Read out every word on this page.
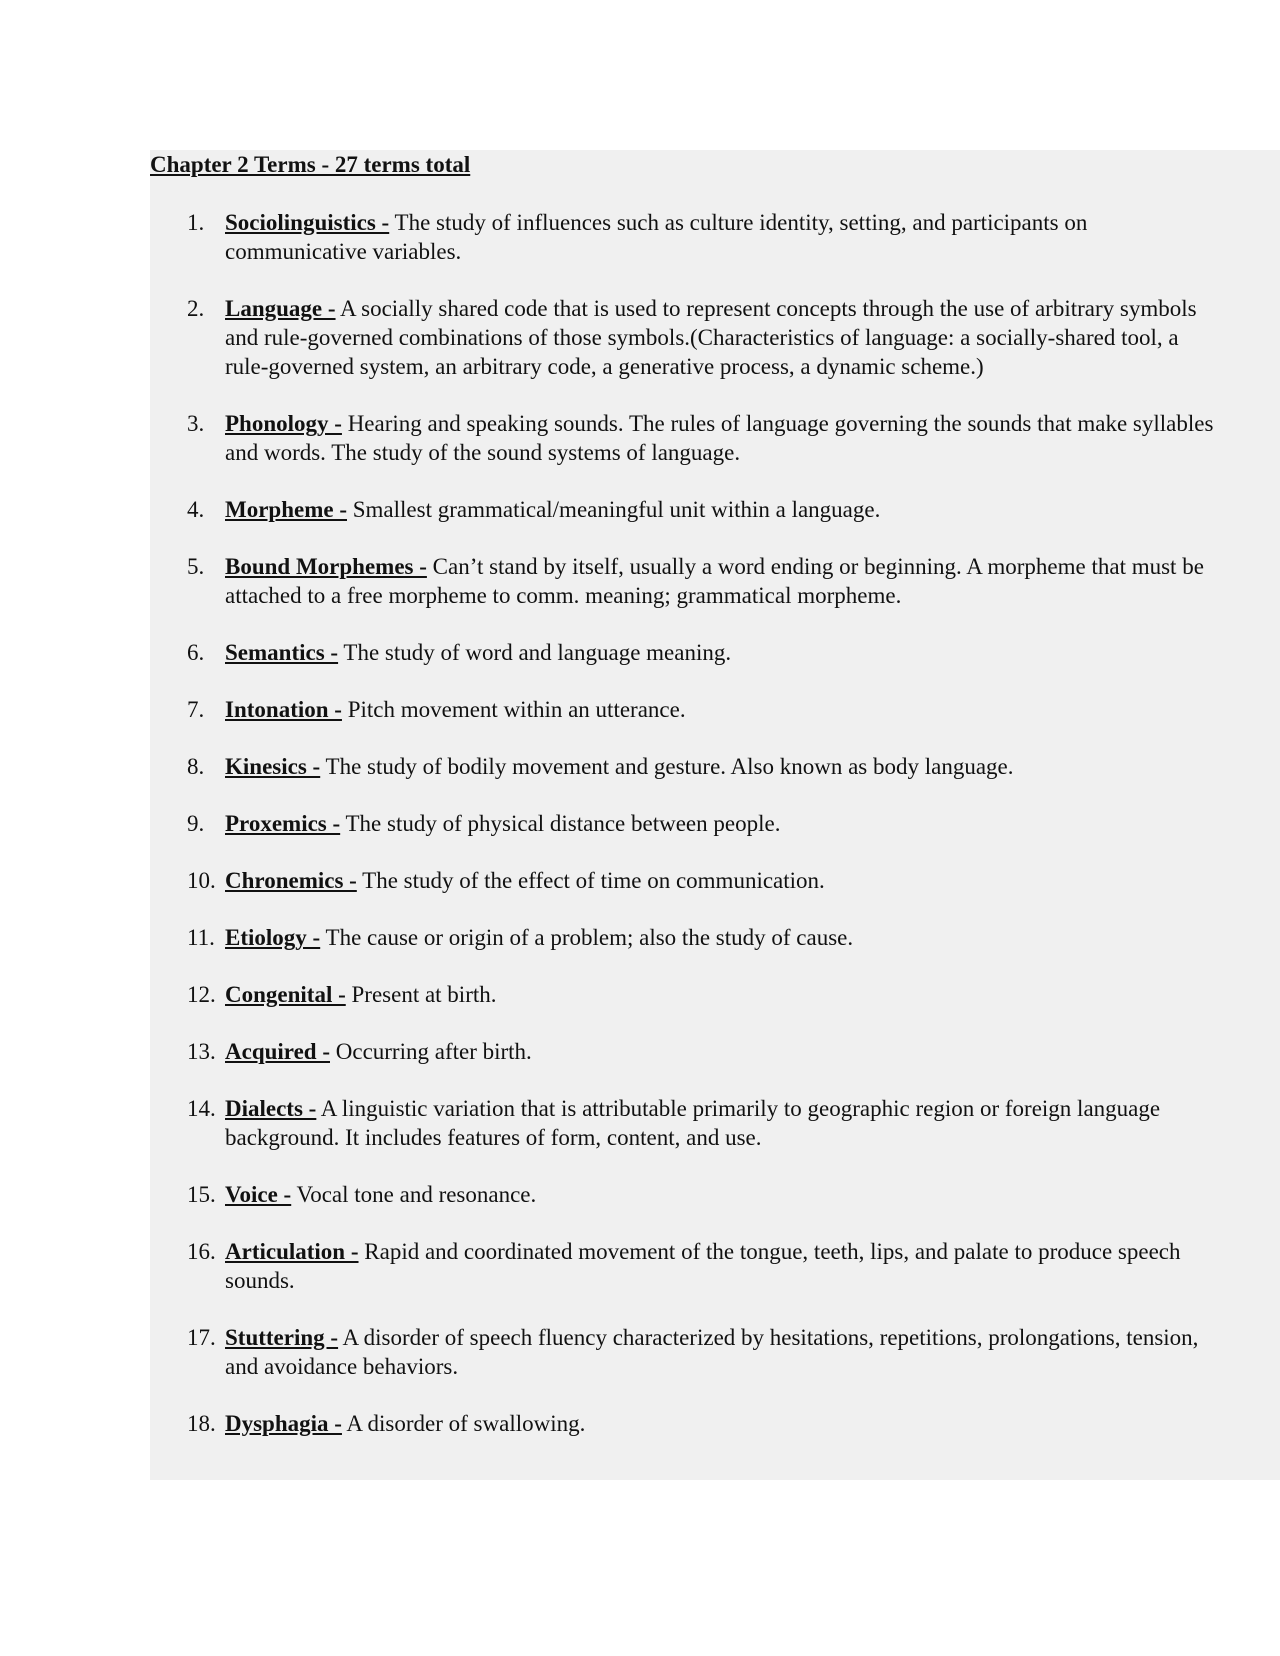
Chapter 2 Terms - 27 terms total
1. Sociolinguistics - The study of influences such as culture identity, setting, and participants on communicative variables.
2. Language - A socially shared code that is used to represent concepts through the use of arbitrary symbols and rule-governed combinations of those symbols.(Characteristics of language: a socially-shared tool, a rule-governed system, an arbitrary code, a generative process, a dynamic scheme.)
3. Phonology - Hearing and speaking sounds. The rules of language governing the sounds that make syllables and words. The study of the sound systems of language.
4. Morpheme - Smallest grammatical/meaningful unit within a language.
5. Bound Morphemes - Can’t stand by itself, usually a word ending or beginning. A morpheme that must be attached to a free morpheme to comm. meaning; grammatical morpheme.
6. Semantics - The study of word and language meaning.
7. Intonation - Pitch movement within an utterance.
8. Kinesics - The study of bodily movement and gesture. Also known as body language.
9. Proxemics - The study of physical distance between people.
10. Chronemics - The study of the effect of time on communication.
11. Etiology - The cause or origin of a problem; also the study of cause.
12. Congenital - Present at birth.
13. Acquired - Occurring after birth.
14. Dialects - A linguistic variation that is attributable primarily to geographic region or foreign language background. It includes features of form, content, and use.
15. Voice - Vocal tone and resonance.
16. Articulation - Rapid and coordinated movement of the tongue, teeth, lips, and palate to produce speech sounds.
17. Stuttering - A disorder of speech fluency characterized by hesitations, repetitions, prolongations, tension, and avoidance behaviors.
18. Dysphagia - A disorder of swallowing.
